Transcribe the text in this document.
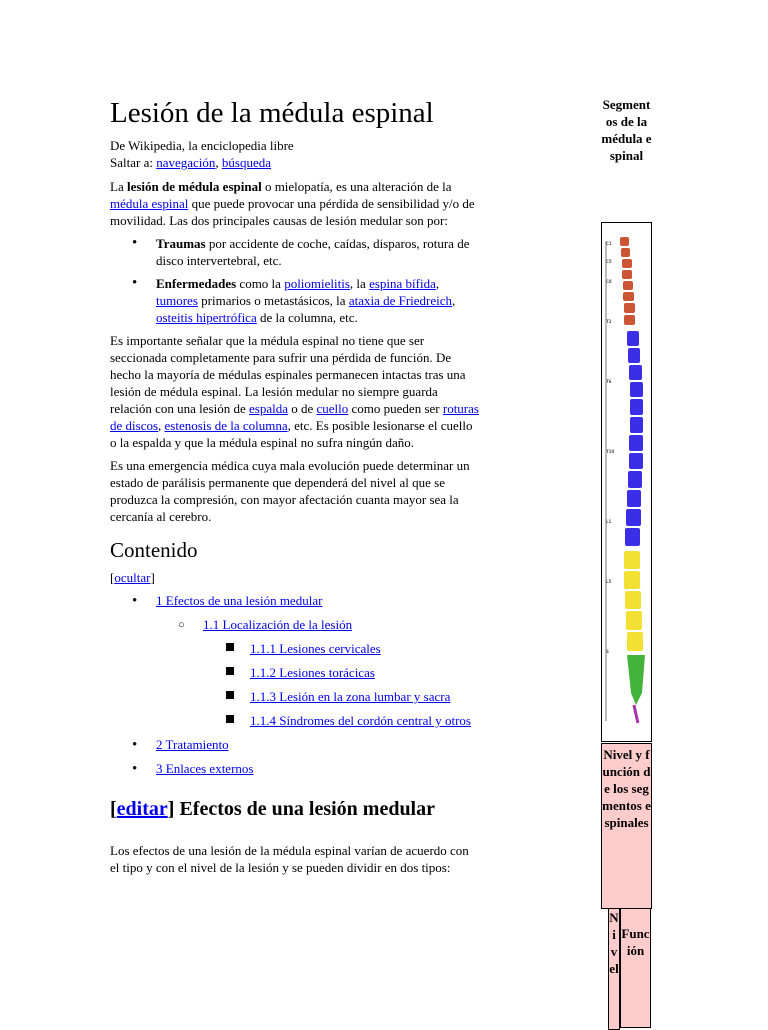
Lesión de la médula espinal
De Wikipedia, la enciclopedia libre
Saltar a: navegación, búsqueda

La lesión de médula espinal o mielopatía, es una alteración de la médula espinal que puede provocar una pérdida de sensibilidad y/o de movilidad. Las dos principales causas de lesión medular son por:

• Traumas por accidente de coche, caídas, disparos, rotura de disco intervertebral, etc.
• Enfermedades como la poliomielitis, la espina bífida, tumores primarios o metastásicos, la ataxia de Friedreich, osteitis hipertrófica de la columna, etc.

Es importante señalar que la médula espinal no tiene que ser seccionada completamente para sufrir una pérdida de función. De hecho la mayoría de médulas espinales permanecen intactas tras una lesión de médula espinal. La lesión medular no siempre guarda relación con una lesión de espalda o de cuello como pueden ser roturas de discos, estenosis de la columna, etc. Es posible lesionarse el cuello o la espalda y que la médula espinal no sufra ningún daño.

Es una emergencia médica cuya mala evolución puede determinar un estado de parálisis permanente que dependerá del nivel al que se produzca la compresión, con mayor afectación cuanta mayor sea la cercanía al cerebro.

Contenido
[ocultar]
• 1 Efectos de una lesión medular
○ 1.1 Localización de la lesión
1.1.1 Lesiones cervicales
1.1.2 Lesiones torácicas
1.1.3 Lesión en la zona lumbar y sacra
1.1.4 Síndromes del cordón central y otros
• 2 Tratamiento
• 3 Enlaces externos
[editar] Efectos de una lesión medular

Los efectos de una lesión de la médula espinal varían de acuerdo con el tipo y con el nivel de la lesión y se pueden dividir en dos tipos:

Segmentos de la médula espinal
C1
C5
C8
T2
T6
T10
L1
L5
S
Nivel y función de los segmentos espinales
Nivel
Función
